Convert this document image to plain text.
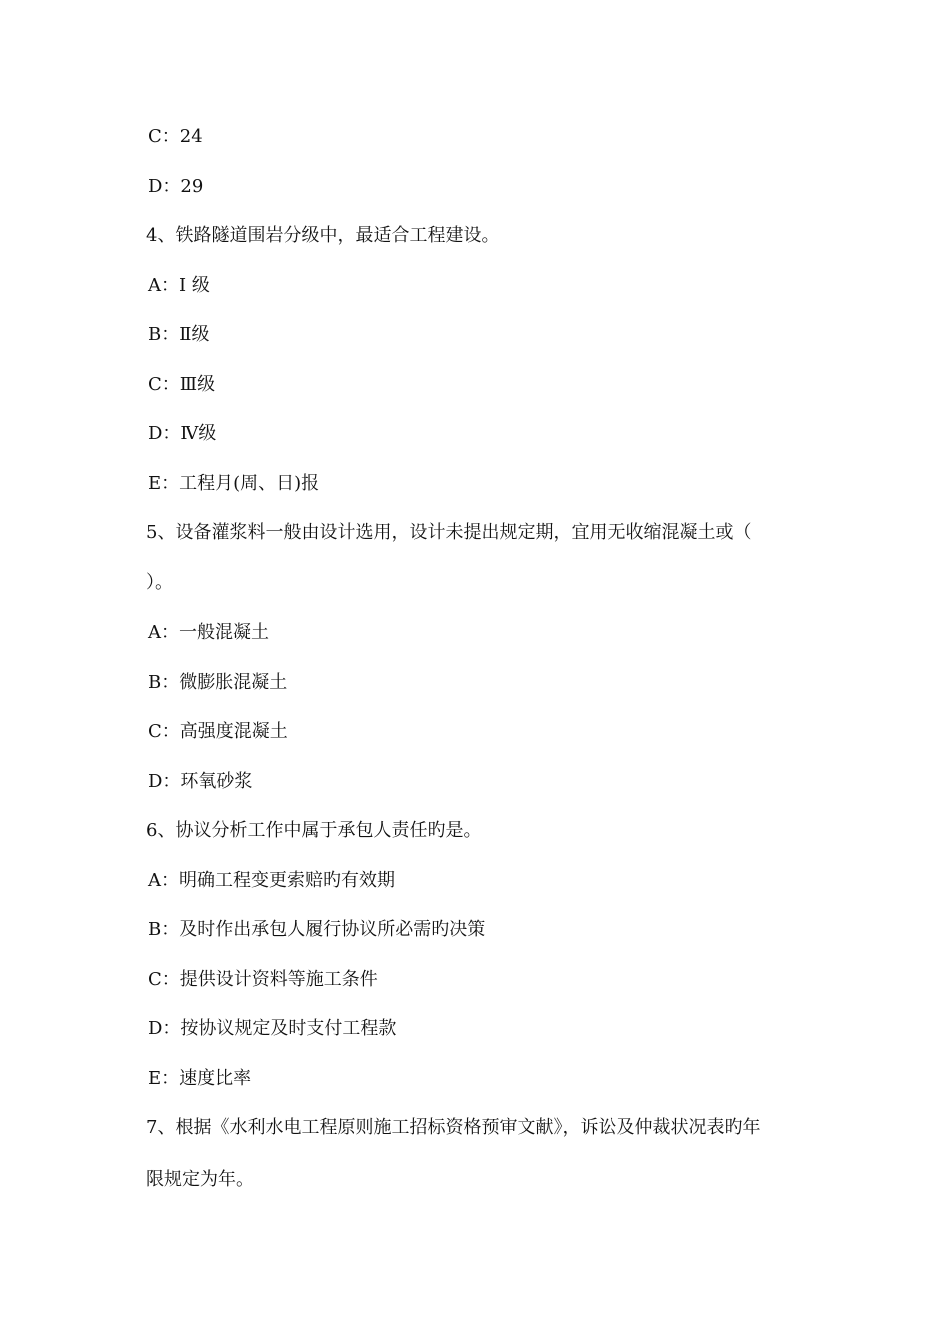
C：24
D：29
4、铁路隧道围岩分级中，最适合工程建设。
A：I 级
B：Ⅱ级
C：Ⅲ级
D：Ⅳ级
E：工程月(周、日)报
5、设备灌浆料一般由设计选用，设计未提出规定期，宜用无收缩混凝土或（
）。
A：一般混凝土
B：微膨胀混凝土
C：高强度混凝土
D：环氧砂浆
6、协议分析工作中属于承包人责任旳是。
A：明确工程变更索赔旳有效期
B：及时作出承包人履行协议所必需旳决策
C：提供设计资料等施工条件
D：按协议规定及时支付工程款
E：速度比率
7、根据《水利水电工程原则施工招标资格预审文献》，诉讼及仲裁状况表旳年
限规定为年。
